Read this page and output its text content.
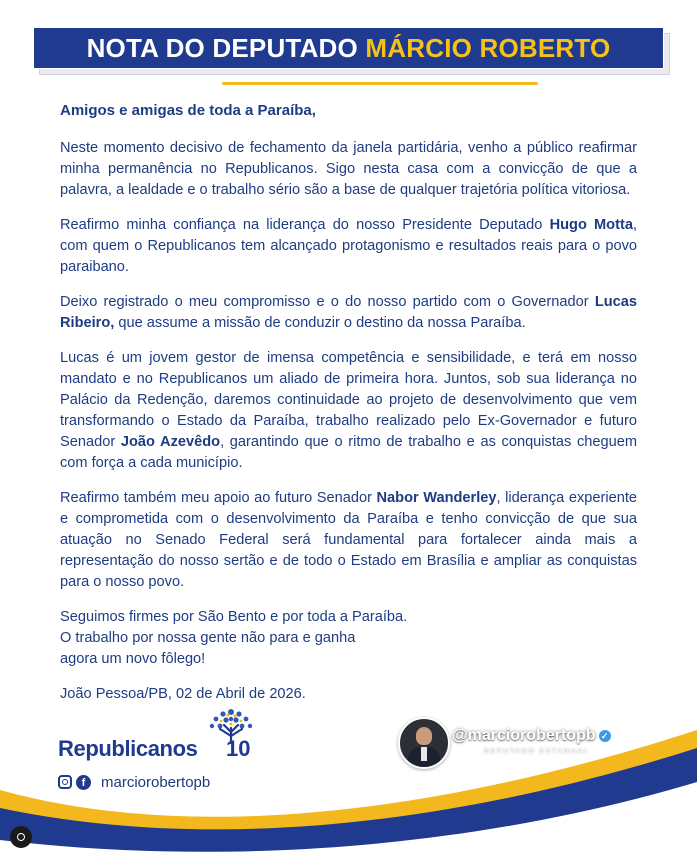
NOTA DO DEPUTADO
MÁRCIO ROBERTO

Amigos e amigas de toda a Paraíba,

Neste momento decisivo de fechamento da janela partidária, venho a público reafirmar minha permanência no Republicanos. Sigo nesta casa com a convicção de que a palavra, a lealdade e o trabalho sério são a base de qualquer trajetória política vitoriosa.

Reafirmo minha confiança na liderança do nosso Presidente Deputado Hugo Motta, com quem o Republicanos tem alcançado protagonismo e resultados reais para o povo paraibano.

Deixo registrado o meu compromisso e o do nosso partido com o Governador Lucas Ribeiro, que assume a missão de conduzir o destino da nossa Paraíba.

Lucas é um jovem gestor de imensa competência e sensibilidade, e terá em nosso mandato e no Republicanos um aliado de primeira hora. Juntos, sob sua liderança no Palácio da Redenção, daremos continuidade ao projeto de desenvolvimento que vem transformando o Estado da Paraíba, trabalho realizado pelo Ex-Governador e futuro Senador João Azevêdo, garantindo que o ritmo de trabalho e as conquistas cheguem com força a cada município.

Reafirmo também meu apoio ao futuro Senador Nabor Wanderley, liderança experiente e comprometida com o desenvolvimento da Paraíba e tenho convicção de que sua atuação no Senado Federal será fundamental para fortalecer ainda mais a representação do nosso sertão e de todo o Estado em Brasília e ampliar as conquistas para o nosso povo.

Seguimos firmes por São Bento e por toda a Paraíba.
O trabalho por nossa gente não para e ganha
agora um novo fôlego!

João Pessoa/PB, 02 de Abril de 2026.

Republicanos 10
f	marciorobertopb
@marciorobertopb ✓
DEPUTADO ESTADUAL
